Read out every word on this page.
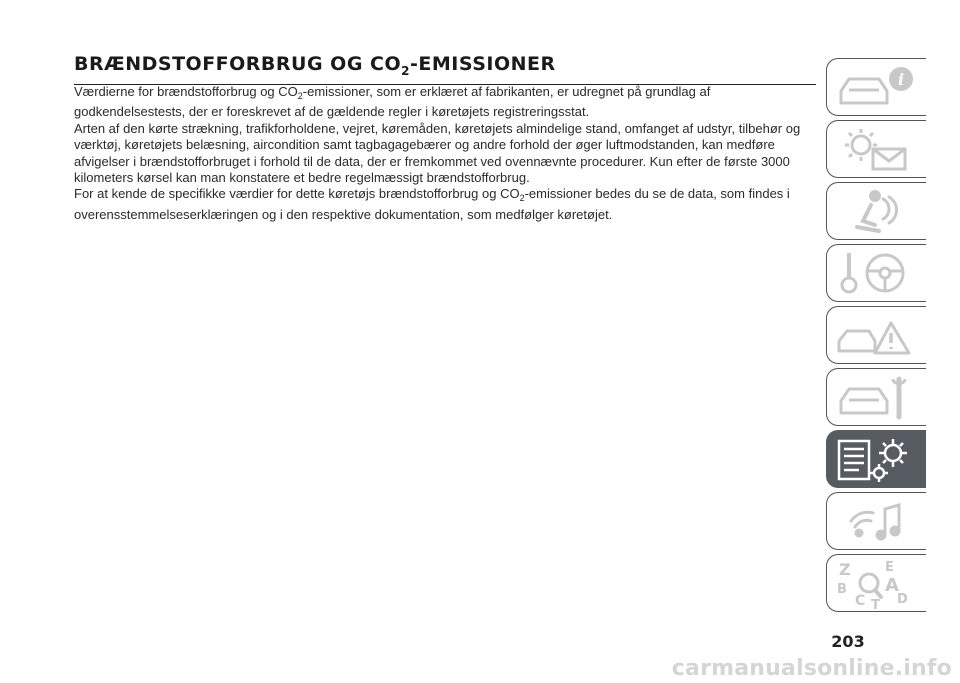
BRÆNDSTOFFORBRUG OG $CO_2$-EMISSIONER

Værdierne for brændstofforbrug og $CO_2$-emissioner, som er erklæret af fabrikanten, er udregnet på grundlag af godkendelsestests, der er foreskrevet af de gældende regler i køretøjets registreringsstat.

Arten af den kørte strækning, trafikforholdene, vejret, køremåden, køretøjets almindelige stand, omfanget af udstyr, tilbehør og værktøj, køretøjets belæsning, aircondition samt tagbagagebærer og andre forhold der øger luftmodstanden, kan medføre afvigelser i brændstofforbruget i forhold til de data, der er fremkommet ved ovennævnte procedurer. Kun efter de første 3000 kilometers kørsel kan man konstatere et bedre regelmæssigt brændstofforbrug.

For at kende de specifikke værdier for dette køretøjs brændstofforbrug og $CO_2$-emissioner bedes du se de data, som findes i overensstemmelseserklæringen og i den respektive dokumentation, som medfølger køretøjet.

i
Z	E
B A
C D
T
203
carmanualsonline.info
